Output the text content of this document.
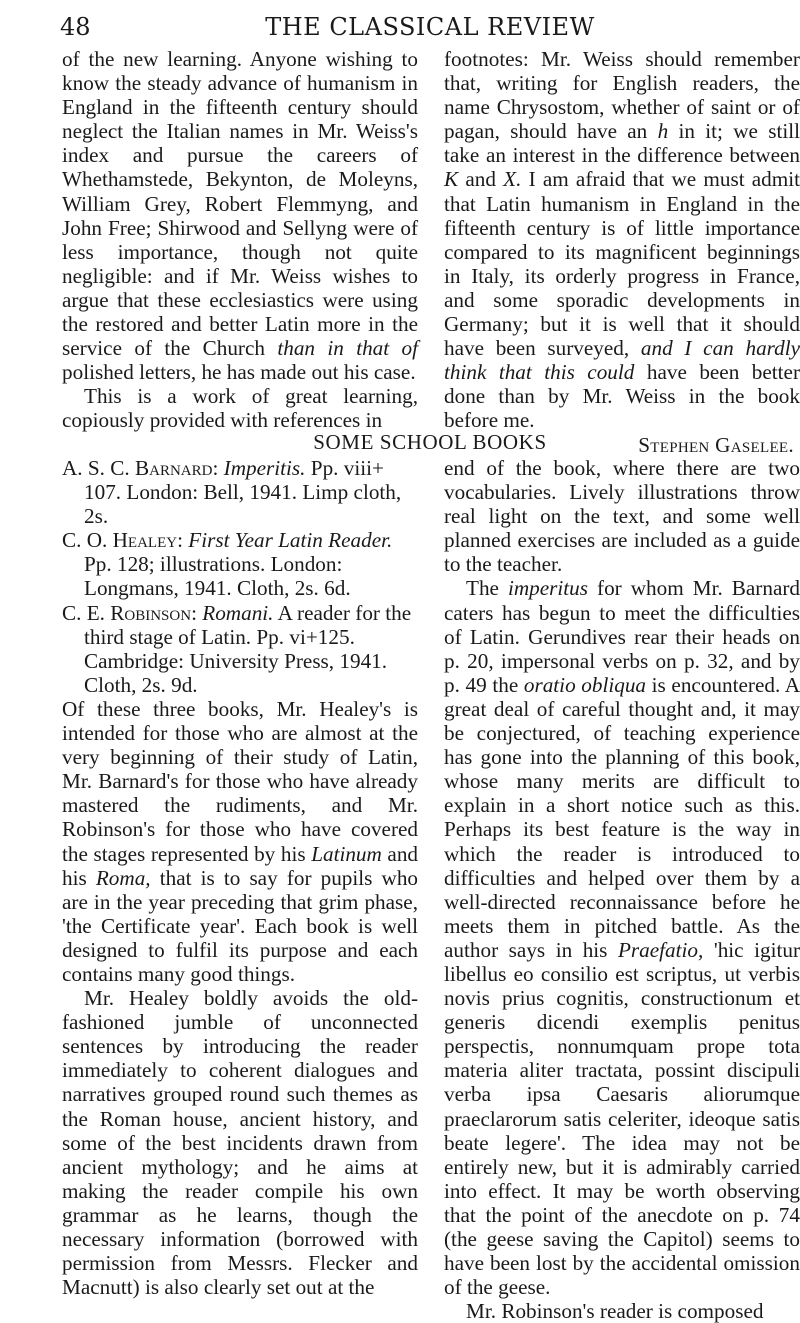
48	THE CLASSICAL REVIEW

of the new learning. Anyone wishing to know the steady advance of humanism in England in the fifteenth century should neglect the Italian names in Mr. Weiss's index and pursue the careers of Whethamstede, Bekynton, de Moleyns, William Grey, Robert Flemmyng, and John Free; Shirwood and Sellyng were of less importance, though not quite negligible: and if Mr. Weiss wishes to argue that these ecclesiastics were using the restored and better Latin more in the service of the Church than in that of polished letters, he has made out his case.

This is a work of great learning, copiously provided with references in

footnotes: Mr. Weiss should remember that, writing for English readers, the name Chrysostom, whether of saint or of pagan, should have an h in it; we still take an interest in the difference between K and X. I am afraid that we must admit that Latin humanism in England in the fifteenth century is of little importance compared to its magnificent beginnings in Italy, its orderly progress in France, and some sporadic developments in Germany; but it is well that it should have been surveyed, and I can hardly think that this could have been better done than by Mr. Weiss in the book before me.

Stephen Gaselee.

SOME SCHOOL BOOKS

A. S. C. Barnard: Imperitis. Pp. viii+ 107. London: Bell, 1941. Limp cloth, 2s.

C. O. Healey: First Year Latin Reader. Pp. 128; illustrations. London: Longmans, 1941. Cloth, 2s. 6d.

C. E. Robinson: Romani. A reader for the third stage of Latin. Pp. vi+125. Cambridge: University Press, 1941. Cloth, 2s. 9d.

Of these three books, Mr. Healey's is intended for those who are almost at the very beginning of their study of Latin, Mr. Barnard's for those who have already mastered the rudiments, and Mr. Robinson's for those who have covered the stages represented by his Latinum and his Roma, that is to say for pupils who are in the year preceding that grim phase, 'the Certificate year'. Each book is well designed to fulfil its purpose and each contains many good things.

Mr. Healey boldly avoids the old-fashioned jumble of unconnected sentences by introducing the reader immediately to coherent dialogues and narratives grouped round such themes as the Roman house, ancient history, and some of the best incidents drawn from ancient mythology; and he aims at making the reader compile his own grammar as he learns, though the necessary information (borrowed with permission from Messrs. Flecker and Macnutt) is also clearly set out at the

end of the book, where there are two vocabularies. Lively illustrations throw real light on the text, and some well planned exercises are included as a guide to the teacher.

The imperitus for whom Mr. Barnard caters has begun to meet the difficulties of Latin. Gerundives rear their heads on p. 20, impersonal verbs on p. 32, and by p. 49 the oratio obliqua is encountered. A great deal of careful thought and, it may be conjectured, of teaching experience has gone into the planning of this book, whose many merits are difficult to explain in a short notice such as this. Perhaps its best feature is the way in which the reader is introduced to difficulties and helped over them by a well-directed reconnaissance before he meets them in pitched battle. As the author says in his Praefatio, 'hic igitur libellus eo consilio est scriptus, ut verbis novis prius cognitis, constructionum et generis dicendi exemplis penitus perspectis, nonnumquam prope tota materia aliter tractata, possint discipuli verba ipsa Caesaris aliorumque praeclarorum satis celeriter, ideoque satis beate legere'. The idea may not be entirely new, but it is admirably carried into effect. It may be worth observing that the point of the anecdote on p. 74 (the geese saving the Capitol) seems to have been lost by the accidental omission of the geese.

Mr. Robinson's reader is composed
